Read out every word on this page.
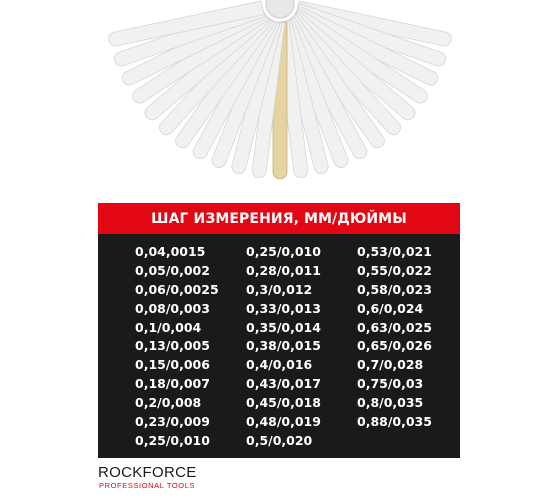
ШАГ ИЗМЕРЕНИЯ, ММ/ДЮЙМЫ
0,04,0015
0,05/0,002
0,06/0,0025
0,08/0,003
0,1/0,004
0,13/0,005
0,15/0,006
0,18/0,007
0,2/0,008
0,23/0,009
0,25/0,010
0,25/0,010
0,28/0,011
0,3/0,012
0,33/0,013
0,35/0,014
0,38/0,015
0,4/0,016
0,43/0,017
0,45/0,018
0,48/0,019
0,5/0,020
0,53/0,021
0,55/0,022
0,58/0,023
0,6/0,024
0,63/0,025
0,65/0,026
0,7/0,028
0,75/0,03
0,8/0,035
0,88/0,035
ROCKFORCE
PROFESSIONAL TOOLS
